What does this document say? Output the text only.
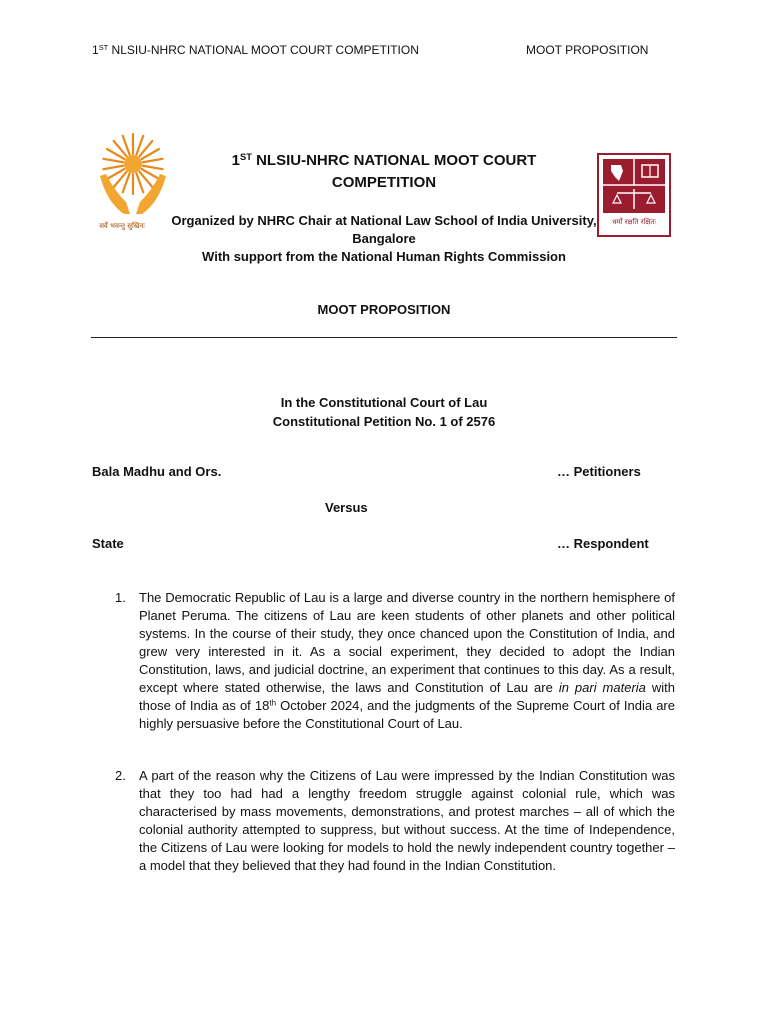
1ST NLSIU-NHRC NATIONAL MOOT COURT COMPETITION	MOOT PROPOSITION
सर्वे भवन्तु सुखिनः	धर्मो रक्षति रक्षितः
1ST NLSIU-NHRC NATIONAL MOOT COURT COMPETITION
Organized by NHRC Chair at National Law School of India University, Bangalore
With support from the National Human Rights Commission
MOOT PROPOSITION
In the Constitutional Court of Lau
Constitutional Petition No. 1 of 2576
Bala Madhu and Ors.	… Petitioners
Versus
State	… Respondent
1. The Democratic Republic of Lau is a large and diverse country in the northern hemisphere of Planet Peruma. The citizens of Lau are keen students of other planets and other political systems. In the course of their study, they once chanced upon the Constitution of India, and grew very interested in it. As a social experiment, they decided to adopt the Indian Constitution, laws, and judicial doctrine, an experiment that continues to this day. As a result, except where stated otherwise, the laws and Constitution of Lau are in pari materia with those of India as of 18th October 2024, and the judgments of the Supreme Court of India are highly persuasive before the Constitutional Court of Lau.
2. A part of the reason why the Citizens of Lau were impressed by the Indian Constitution was that they too had had a lengthy freedom struggle against colonial rule, which was characterised by mass movements, demonstrations, and protest marches – all of which the colonial authority attempted to suppress, but without success. At the time of Independence, the Citizens of Lau were looking for models to hold the newly independent country together – a model that they believed that they had found in the Indian Constitution.
